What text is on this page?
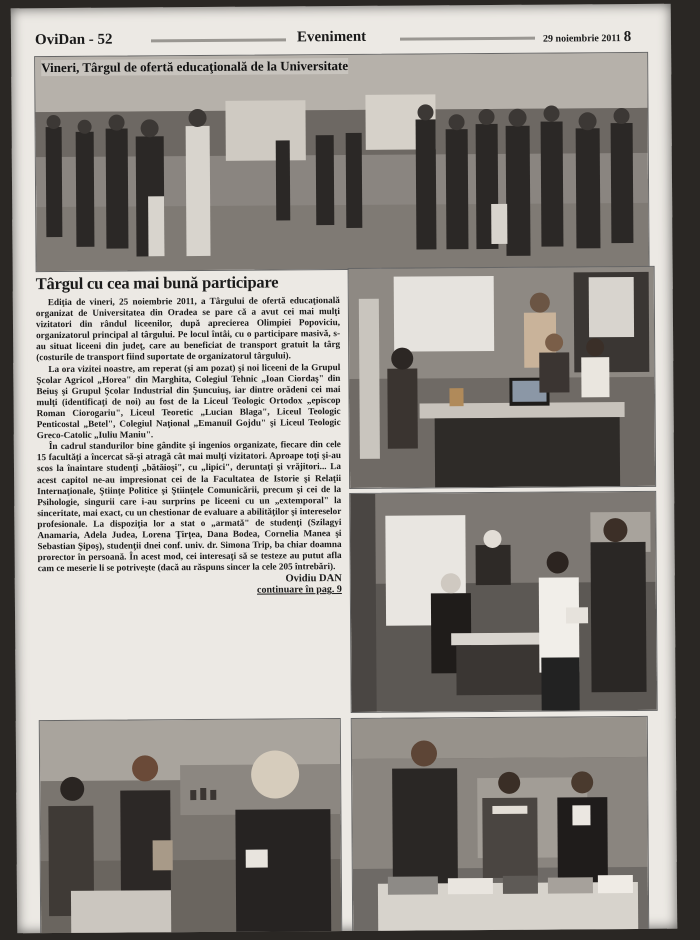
OviDan - 52	Eveniment	29 noiembrie 2011 8
Vineri, Târgul de ofertă educaţională de la Universitate
Târgul cu cea mai bună participare

Ediţia de vineri, 25 noiembrie 2011, a Târgului de ofertă educaţională organizat de Universitatea din Oradea se pare că a avut cei mai mulţi vizitatori din rândul liceenilor, după aprecierea Olimpiei Popoviciu, organizatorul principal al târgului. Pe locul întâi, cu o participare masivă, s-au situat liceeni din judeţ, care au beneficiat de transport gratuit la târg (costurile de transport fiind suportate de organizatorul târgului).

La ora vizitei noastre, am reperat (şi am pozat) şi noi liceeni de la Grupul Şcolar Agricol „Horea" din Marghita, Colegiul Tehnic „Ioan Ciordaş" din Beiuş şi Grupul Şcolar Industrial din Şuncuiuş, iar dintre orădeni cei mai mulţi (identificaţi de noi) au fost de la Liceul Teologic Ortodox „episcop Roman Ciorogariu", Liceul Teoretic „Lucian Blaga", Liceul Teologic Penticostal „Betel", Colegiul Naţional „Emanuil Gojdu" şi Liceul Teologic Greco-Catolic „Iuliu Maniu".

În cadrul standurilor bine gândite şi ingenios organizate, fiecare din cele 15 facultăţi a încercat să-şi atragă cât mai mulţi vizitatori. Aproape toţi şi-au scos la înaintare studenţi „bătăioşi", cu „lipici", deruntaţi şi vrăjitori... La acest capitol ne-au impresionat cei de la Facultatea de Istorie şi Relaţii Internaţionale, Ştiinţe Politice şi Ştiinţele Comunicării, precum şi cei de la Psihologie, singurii care i-au surprins pe liceeni cu un „extemporal" la sinceritate, mai exact, cu un chestionar de evaluare a abilităţilor şi intereselor profesionale. La dispoziţia lor a stat o „armată" de studenţi (Szilagyi Anamaria, Adela Judea, Lorena Ţirţea, Dana Bodea, Cornelia Manea şi Sebastian Şipoş), studenţii dnei conf. univ. dr. Simona Trip, ba chiar doamna prorector în persoană. În acest mod, cei interesaţi să se testeze au putut afla cam ce meserie li se potriveşte (dacă au răspuns sincer la cele 205 întrebări).

Ovidiu DAN
continuare în pag. 9
